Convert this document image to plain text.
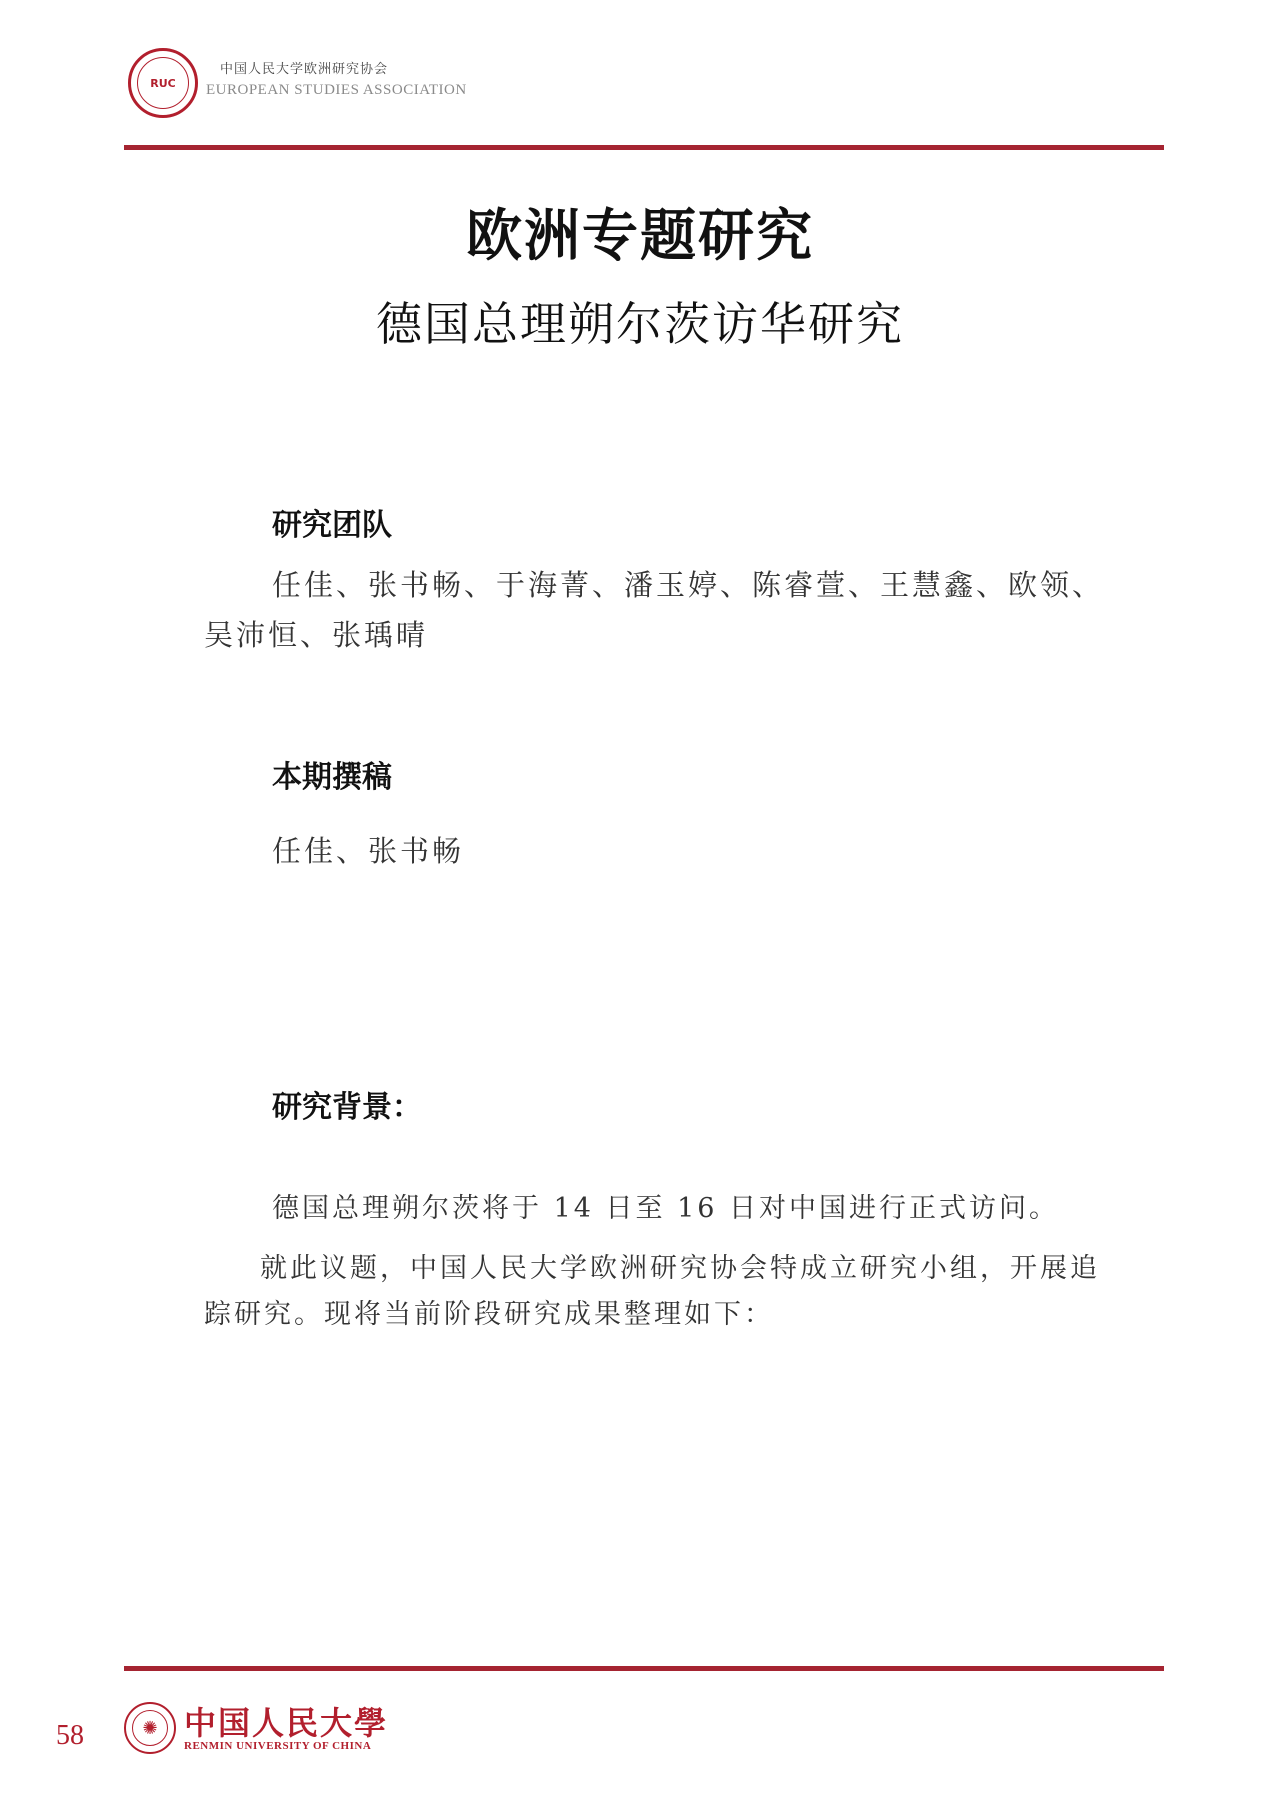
RUC
中国人民大学欧洲研究协会
EUROPEAN STUDIES ASSOCIATION
欧洲专题研究
德国总理朔尔茨访华研究
研究团队
任佳、张书畅、于海菁、潘玉婷、陈睿萱、王慧鑫、欧领、吴沛恒、张瑀晴
本期撰稿
任佳、张书畅
研究背景：
德国总理朔尔茨将于 14 日至 16 日对中国进行正式访问。
就此议题，中国人民大学欧洲研究协会特成立研究小组，开展追踪研究。现将当前阶段研究成果整理如下：
58	✺ 中国人民大學
RENMIN UNIVERSITY OF CHINA
